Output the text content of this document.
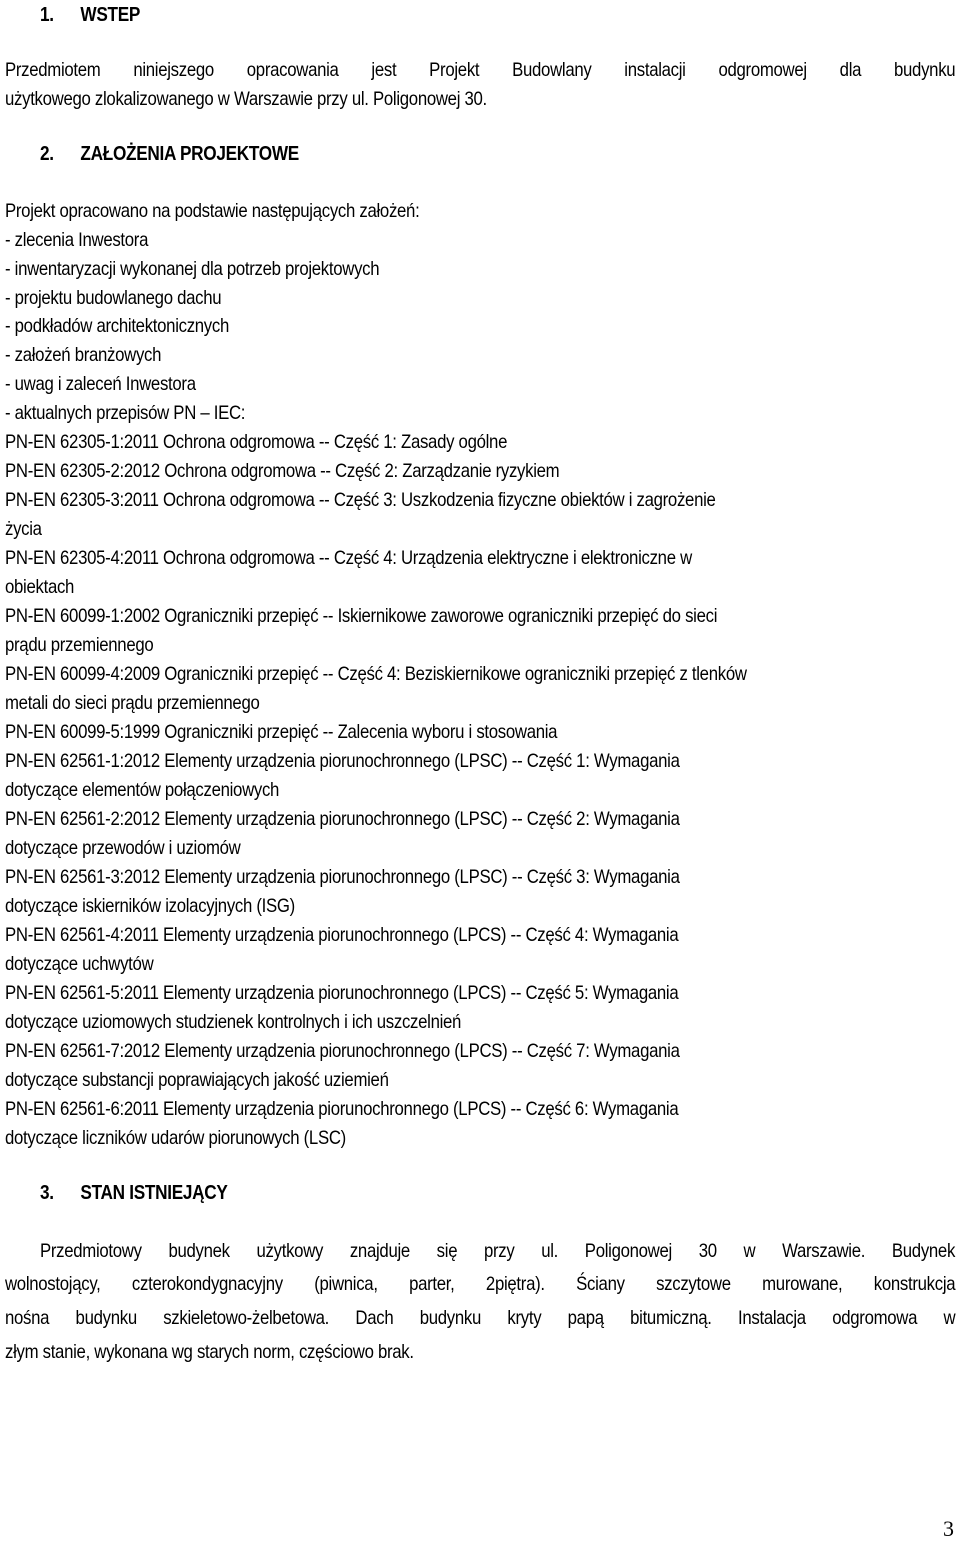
1. WSTEP
Przedmiotem niniejszego opracowania jest Projekt Budowlany instalacji odgromowej dla budynku

użytkowego zlokalizowanego w Warszawie przy ul. Poligonowej 30.

2. ZAŁOŻENIA PROJEKTOWE

Projekt opracowano na podstawie następujących założeń:

- zlecenia Inwestora

- inwentaryzacji wykonanej dla potrzeb projektowych

- projektu budowlanego dachu

- podkładów architektonicznych

- założeń branżowych

- uwag i zaleceń Inwestora

- aktualnych przepisów PN – IEC:

PN-EN 62305-1:2011 Ochrona odgromowa -- Część 1: Zasady ogólne

PN-EN 62305-2:2012 Ochrona odgromowa -- Część 2: Zarządzanie ryzykiem

PN-EN 62305-3:2011 Ochrona odgromowa -- Część 3: Uszkodzenia fizyczne obiektów i zagrożenie

życia

PN-EN 62305-4:2011 Ochrona odgromowa -- Część 4: Urządzenia elektryczne i elektroniczne w

obiektach

PN-EN 60099-1:2002 Ograniczniki przepięć -- Iskiernikowe zaworowe ograniczniki przepięć do sieci

prądu przemiennego

PN-EN 60099-4:2009 Ograniczniki przepięć -- Część 4: Beziskiernikowe ograniczniki przepięć z tlenków

metali do sieci prądu przemiennego

PN-EN 60099-5:1999 Ograniczniki przepięć -- Zalecenia wyboru i stosowania

PN-EN 62561-1:2012 Elementy urządzenia piorunochronnego (LPSC) -- Część 1: Wymagania

dotyczące elementów połączeniowych

PN-EN 62561-2:2012 Elementy urządzenia piorunochronnego (LPSC) -- Część 2: Wymagania

dotyczące przewodów i uziomów

PN-EN 62561-3:2012 Elementy urządzenia piorunochronnego (LPSC) -- Część 3: Wymagania

dotyczące iskierników izolacyjnych (ISG)

PN-EN 62561-4:2011 Elementy urządzenia piorunochronnego (LPCS) -- Część 4: Wymagania

dotyczące uchwytów

PN-EN 62561-5:2011 Elementy urządzenia piorunochronnego (LPCS) -- Część 5: Wymagania

dotyczące uziomowych studzienek kontrolnych i ich uszczelnień

PN-EN 62561-7:2012 Elementy urządzenia piorunochronnego (LPCS) -- Część 7: Wymagania

dotyczące substancji poprawiających jakość uziemień

PN-EN 62561-6:2011 Elementy urządzenia piorunochronnego (LPCS) -- Część 6: Wymagania

dotyczące liczników udarów piorunowych (LSC)

3. STAN ISTNIEJĄCY
Przedmiotowy budynek użytkowy znajduje się przy ul. Poligonowej 30 w Warszawie. Budynek
wolnostojący, czterokondygnacyjny (piwnica, parter, 2piętra). Ściany szczytowe murowane, konstrukcja
nośna budynku szkieletowo-żelbetowa. Dach budynku kryty papą bitumiczną. Instalacja odgromowa w

złym stanie, wykonana wg starych norm, częściowo brak.

3
